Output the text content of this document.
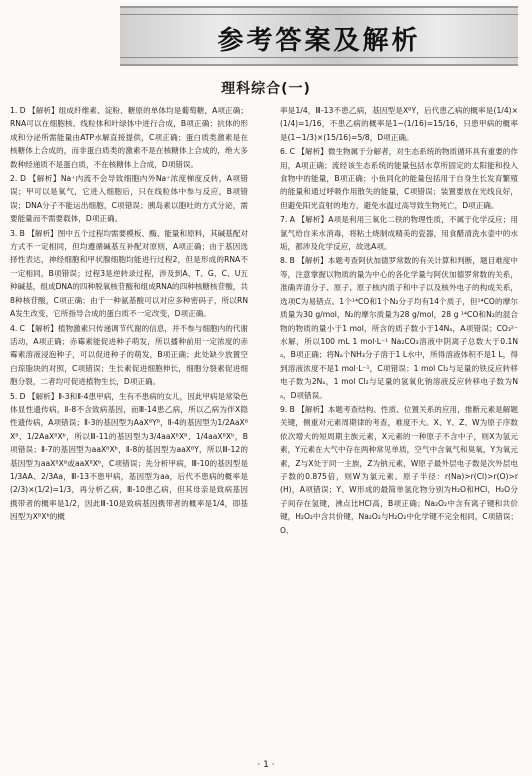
参考答案及解析
理科综合(一)

1. D 【解析】组成纤维素、淀粉、糖原的单体均是葡萄糖，A项正确；RNA可以在细胞核、线粒体和叶绿体中进行合成，B项正确；抗体的形成和分泌所需能量由ATP水解直接提供，C项正确；蛋白质类激素是在核糖体上合成的，而非蛋白质类的激素不是在核糖体上合成的，绝大多数种经递质不是蛋白质，不在核糖体上合成，D项错误。

2. D 【解析】Na⁺内流不会导致细胞内外Na⁺浓度梯度反转，A项错误；甲可以是氧气，它进入细胞后，只在线粒体中参与反应，B项错误；DNA分子不能运出细胞，C项错误；胰岛素以胞吐的方式分泌，需要能量而不需要载体，D项正确。

3. B 【解析】图中五个过程均需要模板、酶、能量和原料，其碱基配对方式不一定相同，但均遵循碱基互补配对原则，A项正确；由于基因选择性表达，神经细胞和甲状腺细胞均能进行过程2，但是形成的RNA不一定相同，B项错误；过程3是逆转录过程，涉及到A、T、G、C、U五种碱基，组成DNA的四种脱氧核苷酸和组成RNA的四种核糖核苷酸，共8种核苷酸，C项正确；由于一种氨基酸可以对应多种密码子，所以RNA发生改变，它所指导合成的蛋白质不一定改变，D项正确。

4. C 【解析】植物激素只传递调节代谢的信息，并不参与细胞内的代谢活动，A项正确；赤霉素能促进种子萌发，所以播种前用一定浓度的赤霉素溶液浸泡种子，可以促进种子的萌发，B项正确；此处缺少放置空白琼脂块的对照，C项错误；生长素促进细胞伸长，细胞分裂素促进细胞分裂，二者均可促进植物生长，D项正确。

5. D 【解析】Ⅱ-3和Ⅱ-4患甲病，生有不患病的女儿，因此甲病是常染色体显性遗传病，Ⅱ-8不含致病基因，而Ⅲ-14患乙病，所以乙病为伴X隐性遗传病，A项错误；Ⅱ-3的基因型为AaXᴮYᴮ，Ⅱ-4的基因型为1/2AaXᴮXᴮ、1/2AaXᴮXᵇ，所以Ⅲ-11的基因型为3/4aaXᴮXᴮ、1/4aaXᴮXᵇ，B项错误；Ⅱ-7的基因型为aaXᴮXᵇ，Ⅱ-8的基因型为aaXᴮY，所以Ⅲ-12的基因型为aaXᴮXᴮ或aaXᴮXᵇ，C项错误；先分析甲病，Ⅲ-10的基因型是1/3AA、2/3Aa，Ⅲ-13不患甲病，基因型为aa，后代不患病的概率是(2/3)×(1/2)=1/3，再分析乙病，Ⅲ-10患乙病，但其母亲是致病基因携带者的概率是1/2，因此Ⅲ-10是致病基因携带者的概率是1/4，即基因型为XᴮXᵇ的概

率是1/4，Ⅲ-13不患乙病，基因型是XᴮY，后代患乙病的概率是(1/4)×(1/4)=1/16，不患乙病的概率是1−(1/16)=15/16，只患甲病的概率是(1−1/3)×(15/16)=5/8，D项正确。

6. C 【解析】微生物属于分解者，对生态系统的物质循环具有重要的作用，A项正确；流经该生态系统的能量包括水草所固定的太阳能和投入食物中的能量，B项正确；小鱼同化的能量包括用于自身生长发育繁殖的能量和通过呼吸作用散失的能量，C项错误；装置要放在光线良好，但避免阳光直射的地方，避免水温过高导致生物死亡，D项正确。

7. A 【解析】A项是利用三氧化二铁的物理性质，不属于化学反应；用氯气给自来水消毒，将粘土烧制成精美的瓷器，用食醋清洗水壶中的水垢，都涉及化学反应，故选A项。

8. B 【解析】本题考查阿伏加德罗常数的有关计算和判断，题目难度中等，注意掌握以物质的量为中心的各化学量与阿伏加德罗常数的关系，准确弄清分子、原子、原子核内质子和中子以及核外电子的构成关系，选项C为易错点。1个¹⁴CO和1个N₂分子均有14个质子，但¹⁴CO的摩尔质量为30 g/mol，N₂的摩尔质量为28 g/mol，28 g ¹⁴CO和N₂的混合物的物质的量小于1 mol，所含的质子数小于14Nₐ，A项错误；CO₃²⁻水解，所以100 mL 1 mol·L⁻¹ Na₂CO₃溶液中阴离子总数大于0.1Nₐ，B项正确；将Nₐ个NH₃分子溶于1 L水中，所得溶液体积不是1 L，得到溶液浓度不是1 mol·L⁻¹，C项错误；1 mol Cl₂与足量的铁反应转移电子数为2Nₐ，1 mol Cl₂与足量的氢氧化钠溶液反应转移电子数为Nₐ，D项错误。

9. B 【解析】本题考查结构、性质、位置关系的应用，推断元素是解题关键，侧重对元素周期律的考查，难度不大。X、Y、Z、W为原子序数依次增大的短周期主族元素，X元素的一种原子不含中子，则X为氢元素，Y元素在大气中存在两种常见单质，空气中含氧气和臭氧，Y为氧元素，Z与X处于同一主族，Z为钠元素，W原子最外层电子数是次外层电子数的0.875倍，则W为氯元素。原子半径：r(Na)>r(Cl)>r(O)>r(H)，A项错误；Y、W形成的最简单氢化物分别为H₂O和HCl，H₂O分子间存在氢键，沸点比HCl高，B项正确；Na₂O₂中含有离子键和共价键，H₂O₂中含共价键，Na₂O₂与H₂O₂中化学键不完全相同，C项错误；O、

· 1 ·
